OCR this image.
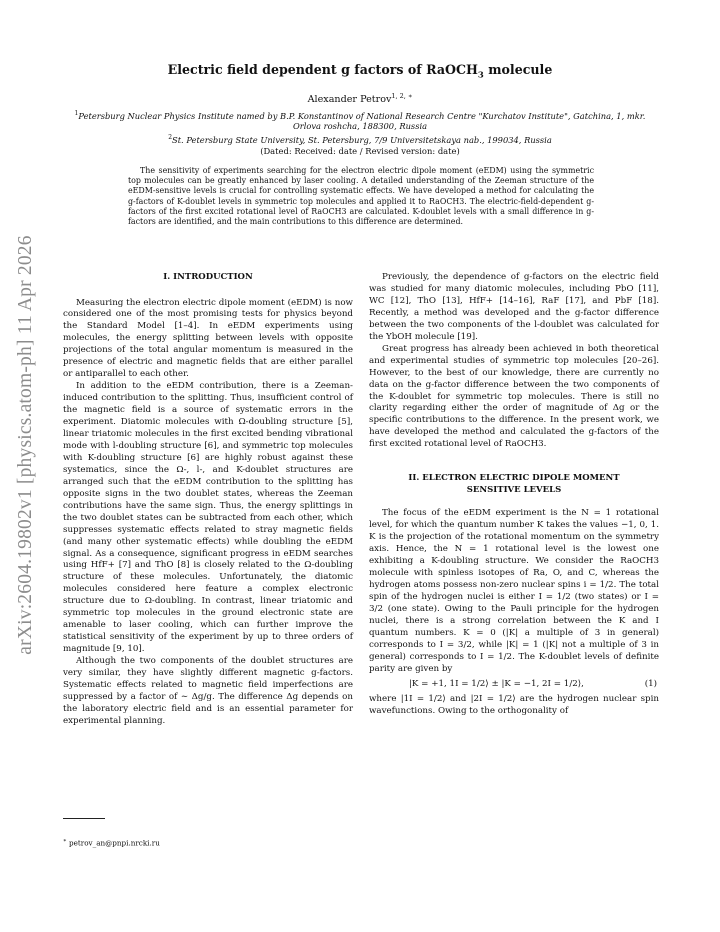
arXiv:2604.19802v1 [physics.atom-ph] 11 Apr 2026
Electric field dependent g factors of RaOCH$_3$ molecule
Alexander Petrov$^{1, 2, ∗}$
$^1$Petersburg Nuclear Physics Institute named by B.P. Konstantinov of National Research Centre "Kurchatov Institute", Gatchina, 1, mkr. Orlova roshcha, 188300, Russia
$^2$St. Petersburg State University, St. Petersburg, 7/9 Universitetskaya nab., 199034, Russia
(Dated: Received: date / Revised version: date)

The sensitivity of experiments searching for the electron electric dipole moment (eEDM) using the symmetric top molecules can be greatly enhanced by laser cooling. A detailed understanding of the Zeeman structure of the eEDM-sensitive levels is crucial for controlling systematic effects. We have developed a method for calculating the g-factors of K-doublet levels in symmetric top molecules and applied it to RaOCH3. The electric-field-dependent g-factors of the first excited rotational level of RaOCH3 are calculated. K-doublet levels with a small difference in g-factors are identified, and the main contributions to this difference are determined.

I. INTRODUCTION

Measuring the electron electric dipole moment (eEDM) is now considered one of the most promising tests for physics beyond the Standard Model [1–4]. In eEDM experiments using molecules, the energy splitting between levels with opposite projections of the total angular momentum is measured in the presence of electric and magnetic fields that are either parallel or antiparallel to each other.

In addition to the eEDM contribution, there is a Zeeman-induced contribution to the splitting. Thus, insufficient control of the magnetic field is a source of systematic errors in the experiment. Diatomic molecules with Ω-doubling structure [5], linear triatomic molecules in the first excited bending vibrational mode with l-doubling structure [6], and symmetric top molecules with K-doubling structure [6] are highly robust against these systematics, since the Ω-, l-, and K-doublet structures are arranged such that the eEDM contribution to the splitting has opposite signs in the two doublet states, whereas the Zeeman contributions have the same sign. Thus, the energy splittings in the two doublet states can be subtracted from each other, which suppresses systematic effects related to stray magnetic fields (and many other systematic effects) while doubling the eEDM signal. As a consequence, significant progress in eEDM searches using HfF+ [7] and ThO [8] is closely related to the Ω-doubling structure of these molecules. Unfortunately, the diatomic molecules considered here feature a complex electronic structure due to Ω-doubling. In contrast, linear triatomic and symmetric top molecules in the ground electronic state are amenable to laser cooling, which can further improve the statistical sensitivity of the experiment by up to three orders of magnitude [9, 10].

Although the two components of the doublet structures are very similar, they have slightly different magnetic g-factors. Systematic effects related to magnetic field imperfections are suppressed by a factor of ∼ Δg/g. The difference Δg depends on the laboratory electric field and is an essential parameter for experimental planning.

Previously, the dependence of g-factors on the electric field was studied for many diatomic molecules, including PbO [11], WC [12], ThO [13], HfF+ [14–16], RaF [17], and PbF [18]. Recently, a method was developed and the g-factor difference between the two components of the l-doublet was calculated for the YbOH molecule [19].

Great progress has already been achieved in both theoretical and experimental studies of symmetric top molecules [20–26]. However, to the best of our knowledge, there are currently no data on the g-factor difference between the two components of the K-doublet for symmetric top molecules. There is still no clarity regarding either the order of magnitude of Δg or the specific contributions to the difference. In the present work, we have developed the method and calculated the g-factors of the first excited rotational level of RaOCH3.

II. ELECTRON ELECTRIC DIPOLE MOMENT
SENSITIVE LEVELS

The focus of the eEDM experiment is the N = 1 rotational level, for which the quantum number K takes the values −1, 0, 1. K is the projection of the rotational momentum on the symmetry axis. Hence, the N = 1 rotational level is the lowest one exhibiting a K-doubling structure. We consider the RaOCH3 molecule with spinless isotopes of Ra, O, and C, whereas the hydrogen atoms possess non-zero nuclear spins i = 1/2. The total spin of the hydrogen nuclei is either I = 1/2 (two states) or I = 3/2 (one state). Owing to the Pauli principle for the hydrogen nuclei, there is a strong correlation between the K and I quantum numbers. K = 0 (|K| a multiple of 3 in general) corresponds to I = 3/2, while |K| = 1 (|K| not a multiple of 3 in general) corresponds to I = 1/2. The K-doublet levels of definite parity are given by

|K = +1, 1I = 1/2⟩ ± |K = −1, 2I = 1/2⟩,	(1)

where |1I = 1/2⟩ and |2I = 1/2⟩ are the hydrogen nuclear spin wavefunctions. Owing to the orthogonality of

∗ petrov_an@pnpi.nrcki.ru
